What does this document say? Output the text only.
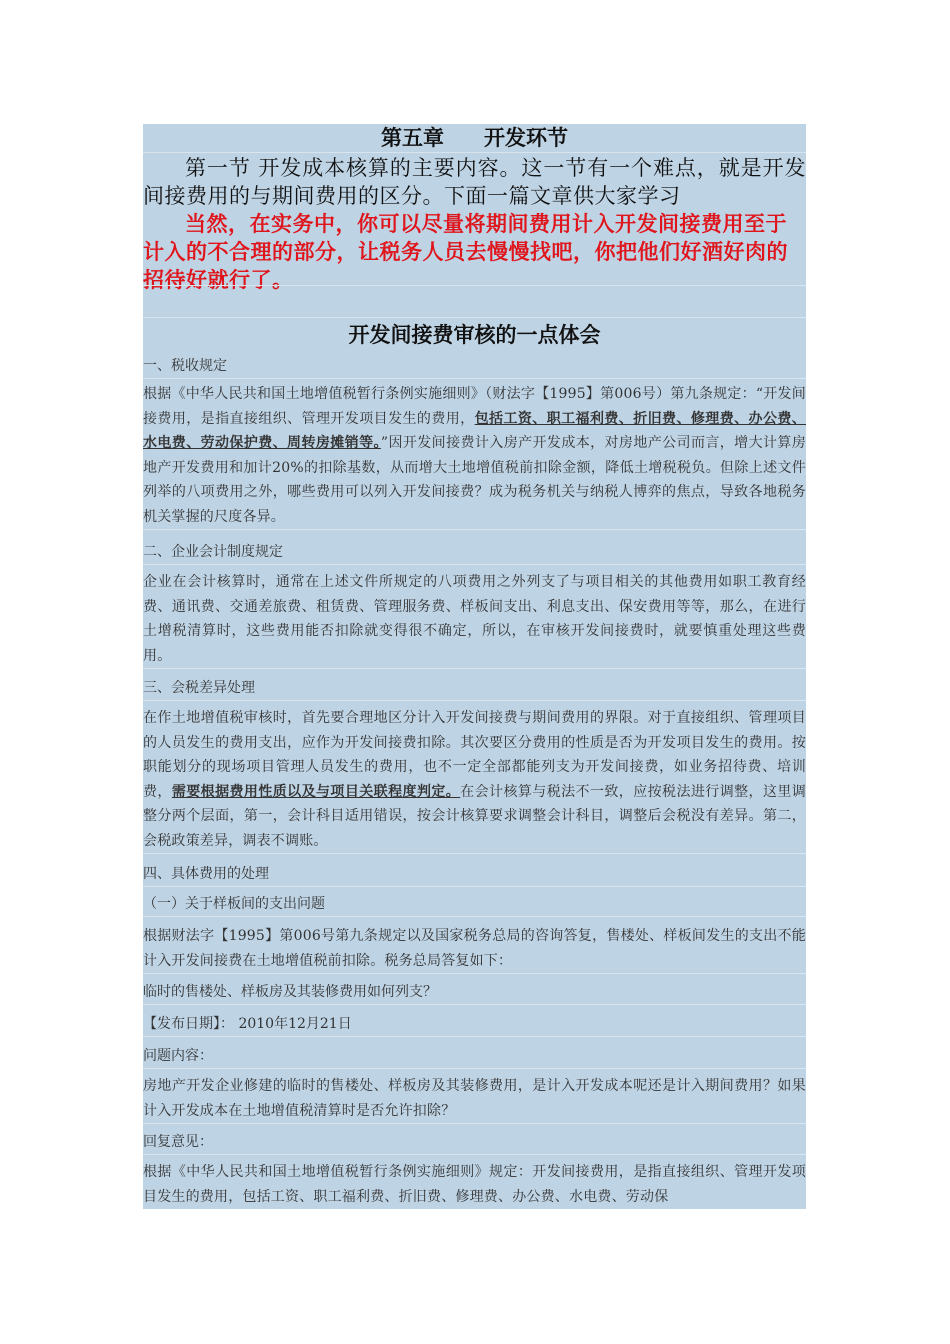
第五章 开发环节
第一节 开发成本核算的主要内容。这一节有一个难点，就是开发间接费用的与期间费用的区分。下面一篇文章供大家学习
当然，在实务中，你可以尽量将期间费用计入开发间接费用至于计入的不合理的部分，让税务人员去慢慢找吧，你把他们好酒好肉的招待好就行了。
开发间接费审核的一点体会
一、税收规定
根据《中华人民共和国土地增值税暂行条例实施细则》（财法字【1995】第006号）第九条规定：“开发间接费用，是指直接组织、管理开发项目发生的费用，包括工资、职工福利费、折旧费、修理费、办公费、水电费、劳动保护费、周转房摊销等。”因开发间接费计入房产开发成本，对房地产公司而言，增大计算房地产开发费用和加计20%的扣除基数，从而增大土地增值税前扣除金额，降低土增税税负。但除上述文件列举的八项费用之外，哪些费用可以列入开发间接费？成为税务机关与纳税人博弈的焦点，导致各地税务机关掌握的尺度各异。
二、企业会计制度规定
企业在会计核算时，通常在上述文件所规定的八项费用之外列支了与项目相关的其他费用如职工教育经费、通讯费、交通差旅费、租赁费、管理服务费、样板间支出、利息支出、保安费用等等，那么，在进行土增税清算时，这些费用能否扣除就变得很不确定，所以，在审核开发间接费时，就要慎重处理这些费用。
三、会税差异处理
在作土地增值税审核时，首先要合理地区分计入开发间接费与期间费用的界限。对于直接组织、管理项目的人员发生的费用支出，应作为开发间接费扣除。其次要区分费用的性质是否为开发项目发生的费用。按职能划分的现场项目管理人员发生的费用，也不一定全部都能列支为开发间接费，如业务招待费、培训费，需要根据费用性质以及与项目关联程度判定。在会计核算与税法不一致，应按税法进行调整，这里调整分两个层面，第一，会计科目适用错误，按会计核算要求调整会计科目，调整后会税没有差异。第二，会税政策差异，调表不调账。
四、具体费用的处理
（一）关于样板间的支出问题
根据财法字【1995】第006号第九条规定以及国家税务总局的咨询答复，售楼处、样板间发生的支出不能计入开发间接费在土地增值税前扣除。税务总局答复如下：
临时的售楼处、样板房及其装修费用如何列支？
【发布日期】： 2010年12月21日
问题内容：
房地产开发企业修建的临时的售楼处、样板房及其装修费用，是计入开发成本呢还是计入期间费用？如果计入开发成本在土地增值税清算时是否允许扣除？
回复意见：
根据《中华人民共和国土地增值税暂行条例实施细则》规定：开发间接费用，是指直接组织、管理开发项目发生的费用，包括工资、职工福利费、折旧费、修理费、办公费、水电费、劳动保
